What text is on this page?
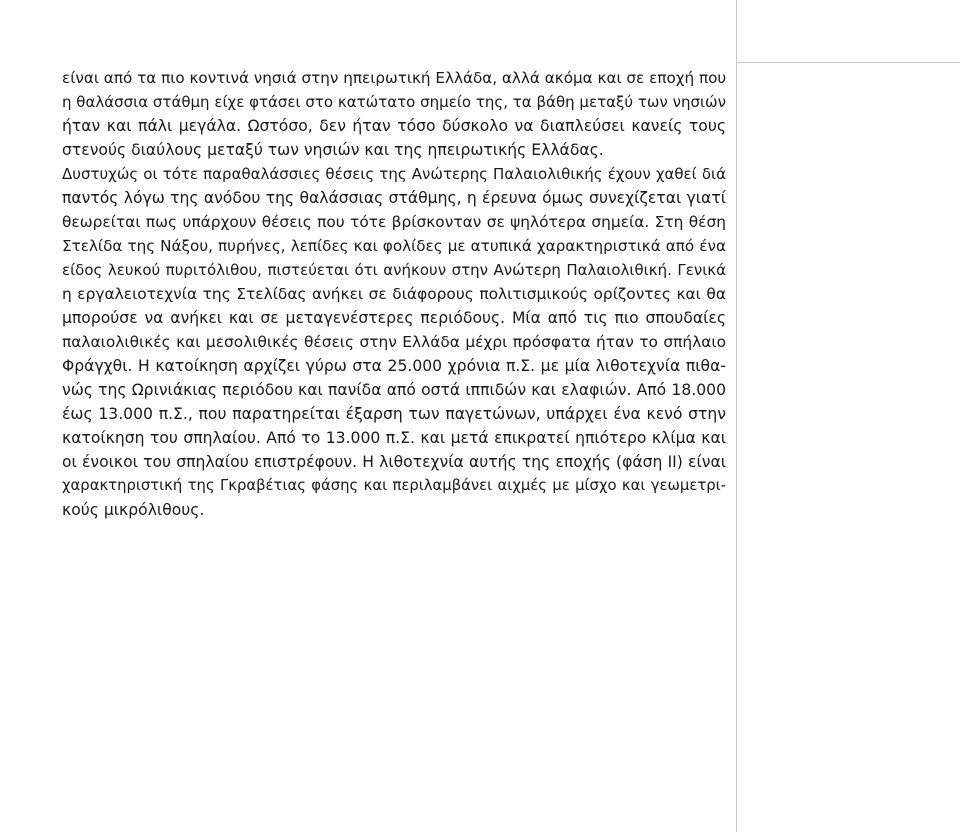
είναι από τα πιο κοντινά νησιά στην ηπειρωτική Ελλάδα, αλλά ακόμα και σε εποχή που
η θαλάσσια στάθμη είχε φτάσει στο κατώτατο σημείο της, τα βάθη μεταξύ των νησιών
ήταν και πάλι μεγάλα. Ωστόσο, δεν ήταν τόσο δύσκολο να διαπλεύσει κανείς τους
στενούς διαύλους μεταξύ των νησιών και της ηπειρωτικής Ελλάδας.
Δυστυχώς οι τότε παραθαλάσσιες θέσεις της Ανώτερης Παλαιολιθικής έχουν χαθεί διά
παντός λόγω της ανόδου της θαλάσσιας στάθμης, η έρευνα όμως συνεχίζεται γιατί
θεωρείται πως υπάρχουν θέσεις που τότε βρίσκονταν σε ψηλότερα σημεία. Στη θέση
Στελίδα της Νάξου, πυρήνες, λεπίδες και φολίδες με ατυπικά χαρακτηριστικά από ένα
είδος λευκού πυριτόλιθου, πιστεύεται ότι ανήκουν στην Ανώτερη Παλαιολιθική. Γενικά
η εργαλειοτεχνία της Στελίδας ανήκει σε διάφορους πολιτισμικούς ορίζοντες και θα
μπορούσε να ανήκει και σε μεταγενέστερες περιόδους. Μία από τις πιο σπουδαίες
παλαιολιθικές και μεσολιθικές θέσεις στην Ελλάδα μέχρι πρόσφατα ήταν το σπήλαιο
Φράγχθι. Η κατοίκηση αρχίζει γύρω στα 25.000 χρόνια π.Σ. με μία λιθοτεχνία πιθα-
νώς της Ωρινιάκιας περιόδου και πανίδα από οστά ιππιδών και ελαφιών. Από 18.000
έως 13.000 π.Σ., που παρατηρείται έξαρση των παγετώνων, υπάρχει ένα κενό στην
κατοίκηση του σπηλαίου. Από το 13.000 π.Σ. και μετά επικρατεί ηπιότερο κλίμα και
οι ένοικοι του σπηλαίου επιστρέφουν. Η λιθοτεχνία αυτής της εποχής (φάση ΙΙ) είναι
χαρακτηριστική της Γκραβέτιας φάσης και περιλαμβάνει αιχμές με μίσχο και γεωμετρι-
κούς μικρόλιθους.
